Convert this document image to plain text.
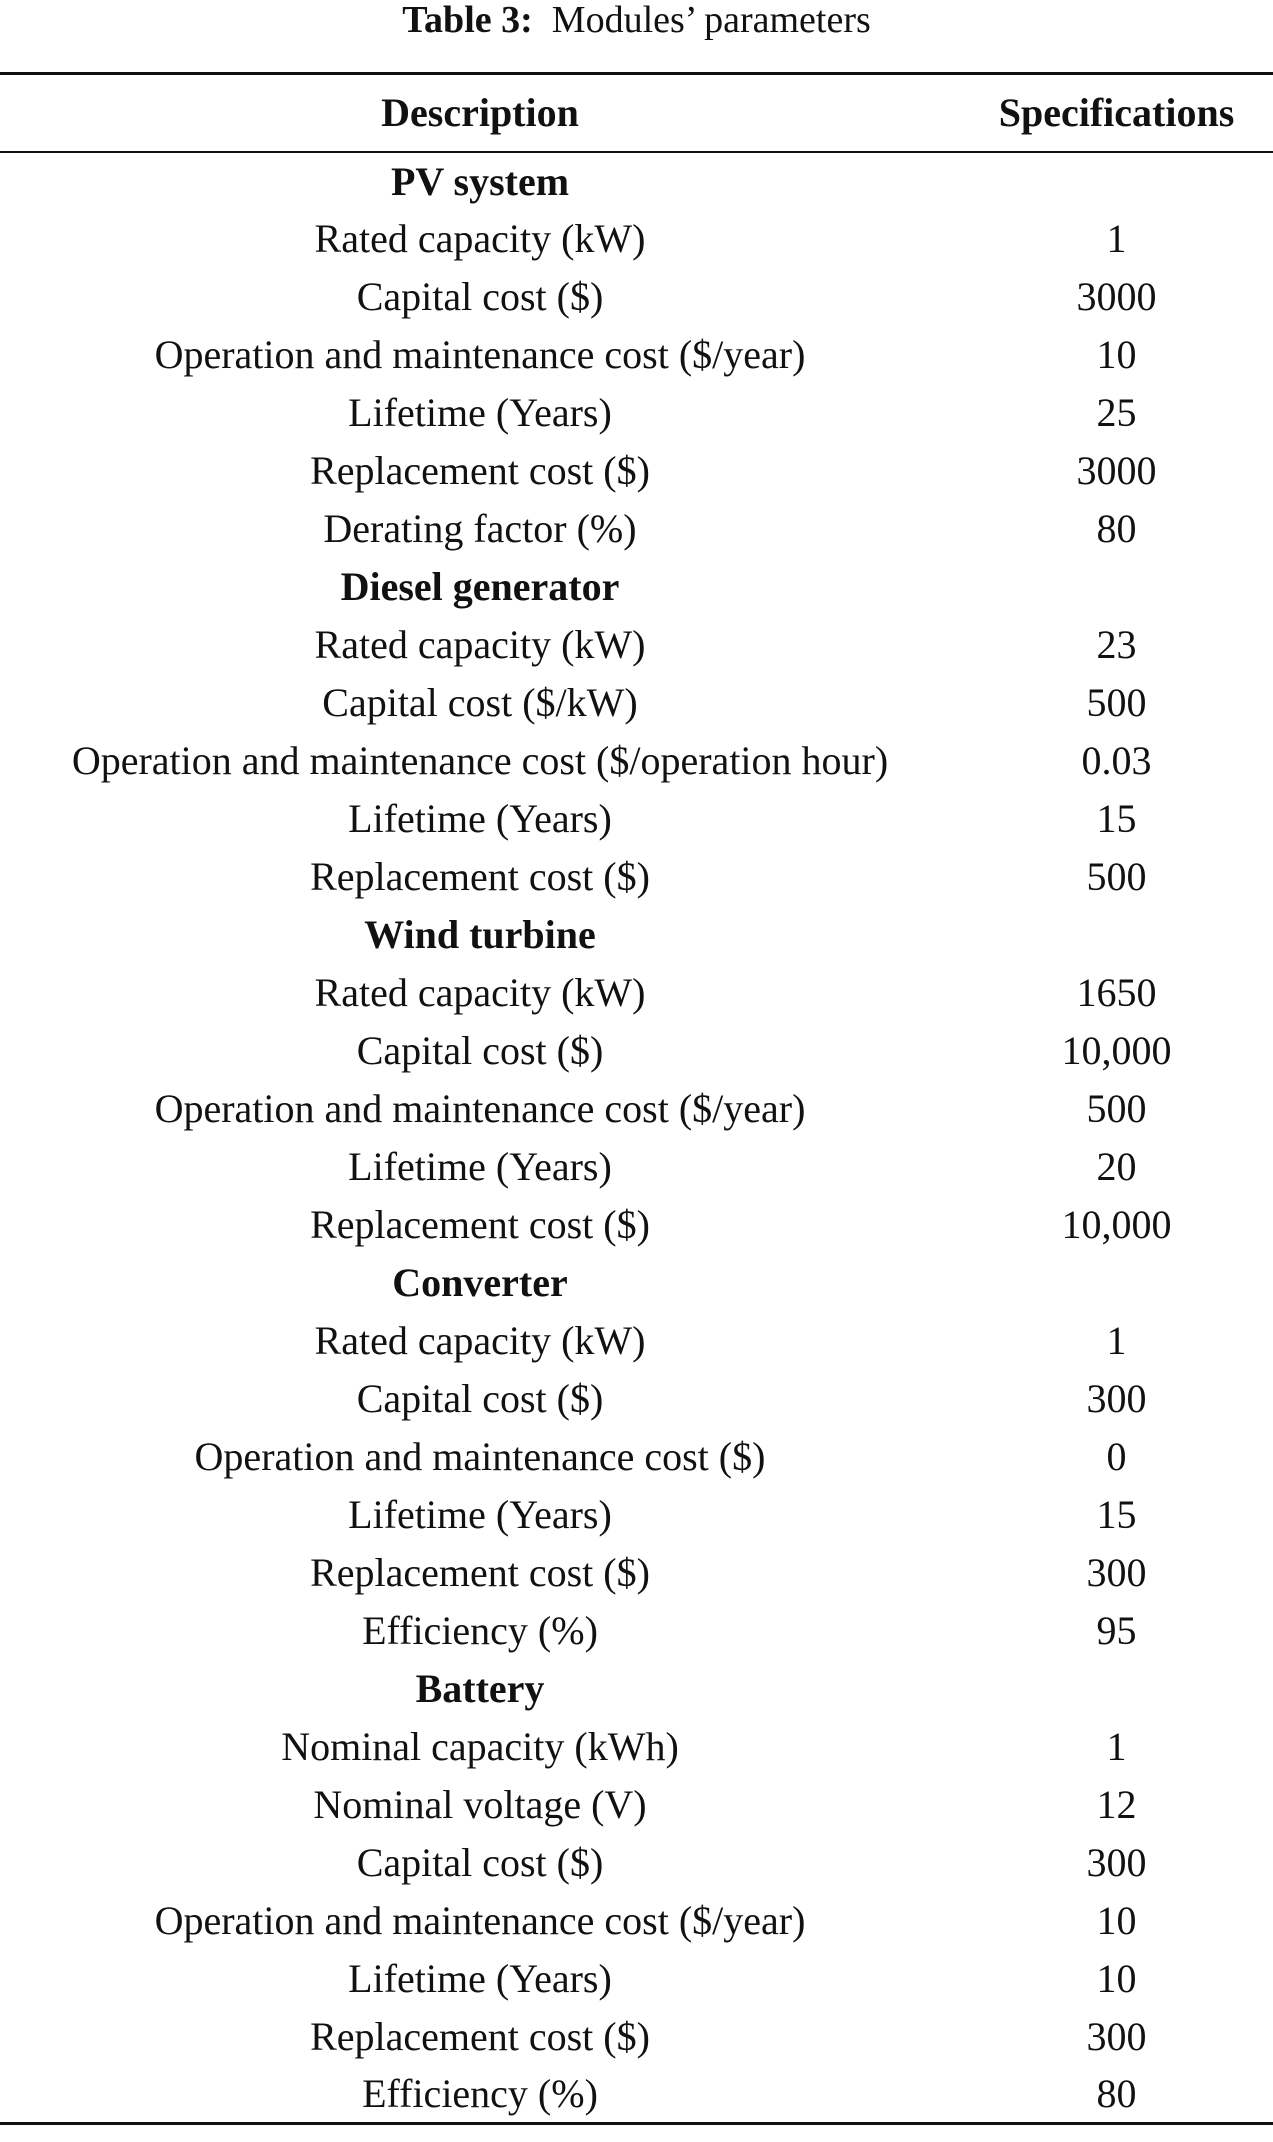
Table 3: Modules’ parameters
Description	Specifications
PV system	
Rated capacity (kW)	1
Capital cost ($)	3000
Operation and maintenance cost ($/year)	10
Lifetime (Years)	25
Replacement cost ($)	3000
Derating factor (%)	80
Diesel generator	
Rated capacity (kW)	23
Capital cost ($/kW)	500
Operation and maintenance cost ($/operation hour)	0.03
Lifetime (Years)	15
Replacement cost ($)	500
Wind turbine	
Rated capacity (kW)	1650
Capital cost ($)	10,000
Operation and maintenance cost ($/year)	500
Lifetime (Years)	20
Replacement cost ($)	10,000
Converter	
Rated capacity (kW)	1
Capital cost ($)	300
Operation and maintenance cost ($)	0
Lifetime (Years)	15
Replacement cost ($)	300
Efficiency (%)	95
Battery	
Nominal capacity (kWh)	1
Nominal voltage (V)	12
Capital cost ($)	300
Operation and maintenance cost ($/year)	10
Lifetime (Years)	10
Replacement cost ($)	300
Efficiency (%)	80
